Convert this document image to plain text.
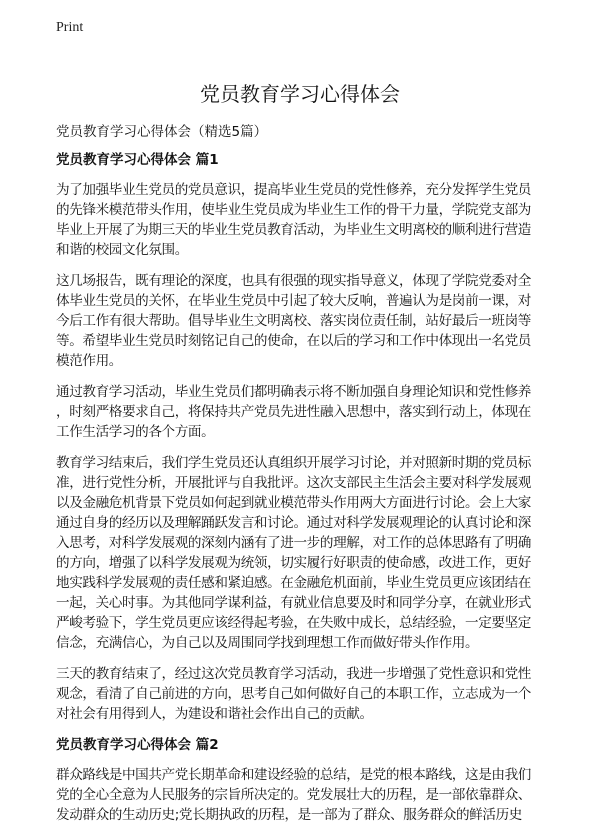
Print
党员教育学习心得体会
党员教育学习心得体会（精选5篇）
党员教育学习心得体会 篇1
为了加强毕业生党员的党员意识，提高毕业生党员的党性修养，充分发挥学生党员
的先锋米模范带头作用，使毕业生党员成为毕业生工作的骨干力量，学院党支部为
毕业上开展了为期三天的毕业生党员教育活动，为毕业生文明离校的顺利进行营造
和谐的校园文化氛围。
这几场报告，既有理论的深度，也具有很强的现实指导意义，体现了学院党委对全
体毕业生党员的关怀，在毕业生党员中引起了较大反响，普遍认为是岗前一课，对
今后工作有很大帮助。倡导毕业生文明离校、落实岗位责任制，站好最后一班岗等
等。希望毕业生党员时刻铭记自己的使命，在以后的学习和工作中体现出一名党员
模范作用。
通过教育学习活动，毕业生党员们都明确表示将不断加强自身理论知识和党性修养
，时刻严格要求自己，将保持共产党员先进性融入思想中，落实到行动上，体现在
工作生活学习的各个方面。
教育学习结束后，我们学生党员还认真组织开展学习讨论，并对照新时期的党员标
准，进行党性分析，开展批评与自我批评。这次支部民主生活会主要对科学发展观
以及金融危机背景下党员如何起到就业模范带头作用两大方面进行讨论。会上大家
通过自身的经历以及理解踊跃发言和讨论。通过对科学发展观理论的认真讨论和深
入思考，对科学发展观的深刻内涵有了进一步的理解，对工作的总体思路有了明确
的方向，增强了以科学发展观为统领，切实履行好职责的使命感，改进工作，更好
地实践科学发展观的责任感和紧迫感。在金融危机面前，毕业生党员更应该团结在
一起，关心时事。为其他同学谋利益，有就业信息要及时和同学分享，在就业形式
严峻考验下，学生党员更应该经得起考验，在失败中成长，总结经验，一定要坚定
信念，充满信心，为自己以及周围同学找到理想工作而做好带头作作用。
三天的教育结束了，经过这次党员教育学习活动，我进一步增强了党性意识和党性
观念，看清了自己前进的方向，思考自己如何做好自己的本职工作，立志成为一个
对社会有用得到人，为建设和谐社会作出自己的贡献。
党员教育学习心得体会 篇2
群众路线是中国共产党长期革命和建设经验的总结，是党的根本路线，这是由我们
党的全心全意为人民服务的宗旨所决定的。党发展壮大的历程，是一部依靠群众、
发动群众的生动历史;党长期执政的历程，是一部为了群众、服务群众的鲜活历史
